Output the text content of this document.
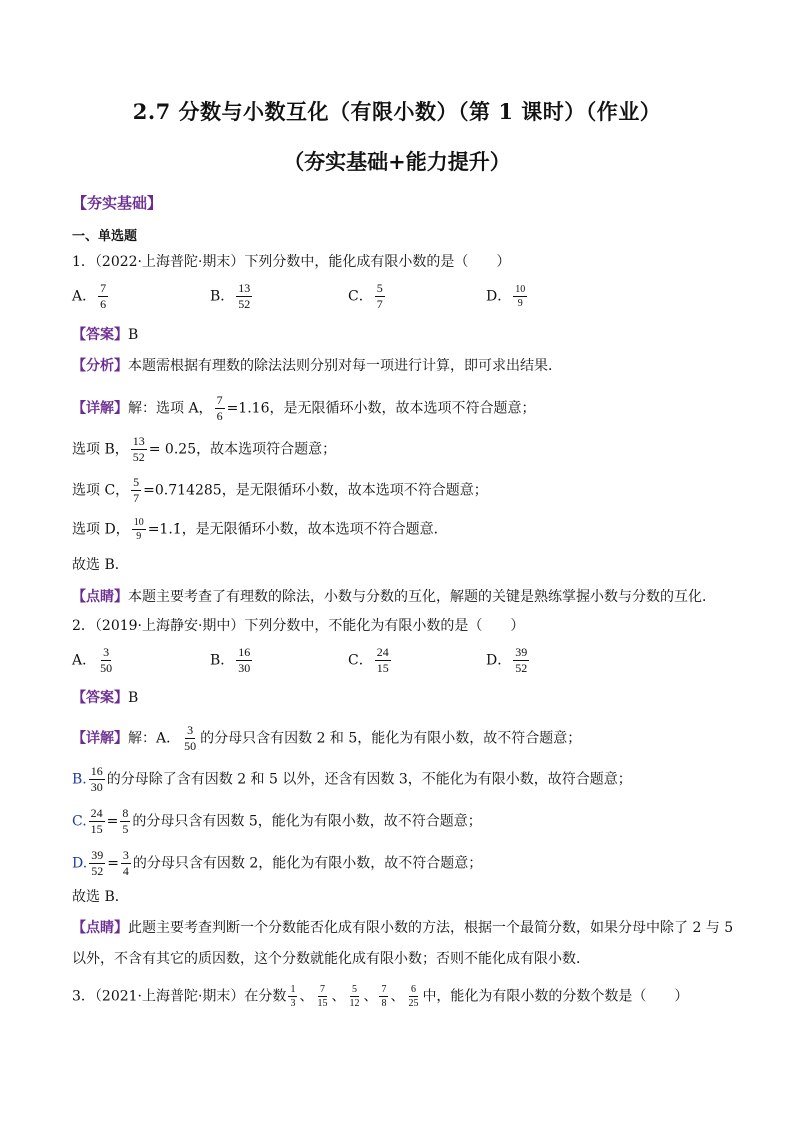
2.7 分数与小数互化（有限小数）（第 1 课时）（作业）
（夯实基础+能力提升）
【夯实基础】
一、单选题
1．（2022·上海普陀·期末）下列分数中，能化成有限小数的是（　　）
A． $\frac{7}{6}$	B． $\frac{13}{52}$	C． $\frac{5}{7}$	D． $\frac{10}{9}$
【答案】B
【分析】本题需根据有理数的除法法则分别对每一项进行计算，即可求出结果．
【详解】解：选项 A， $\frac{7}{6}$ =1.16̇，是无限循环小数，故本选项不符合题意；
选项 B， $\frac{13}{52} = 0.25$，故本选项符合题意；
选项 C， $\frac{5}{7} =0.714285$，是无限循环小数，故本选项不符合题意；
选项 D， $\frac{10}{9}$ =1.1̇，是无限循环小数，故本选项不符合题意．
故选 B．
【点睛】本题主要考查了有理数的除法，小数与分数的互化，解题的关键是熟练掌握小数与分数的互化．
2．（2019·上海静安·期中）下列分数中，不能化为有限小数的是（　　）
A． $\frac{3}{50}$	B． $\frac{16}{30}$	C． $\frac{24}{15}$	D． $\frac{39}{52}$
【答案】B
【详解】解：A． $\frac{3}{50}$ 的分母只含有因数 2 和 5，能化为有限小数，故不符合题意；
B. $\frac{16}{30}$ 的分母除了含有因数 2 和 5 以外，还含有因数 3，不能化为有限小数，故符合题意；
C. $\frac{24}{15} = \frac{8}{5}$ 的分母只含有因数 5，能化为有限小数，故不符合题意；
D. $\frac{39}{52} = \frac{3}{4}$ 的分母只含有因数 2，能化为有限小数，故不符合题意；
故选 B．
【点睛】此题主要考查判断一个分数能否化成有限小数的方法，根据一个最简分数，如果分母中除了 2 与 5
以外，不含有其它的质因数，这个分数就能化成有限小数；否则不能化成有限小数．
3．（2021·上海普陀·期末）在分数 $\frac{1}{3}$ 、 $\frac{7}{15}$ 、 $\frac{5}{12}$ 、 $\frac{7}{8}$ 、 $\frac{6}{25}$ 中，能化为有限小数的分数个数是（　　）
